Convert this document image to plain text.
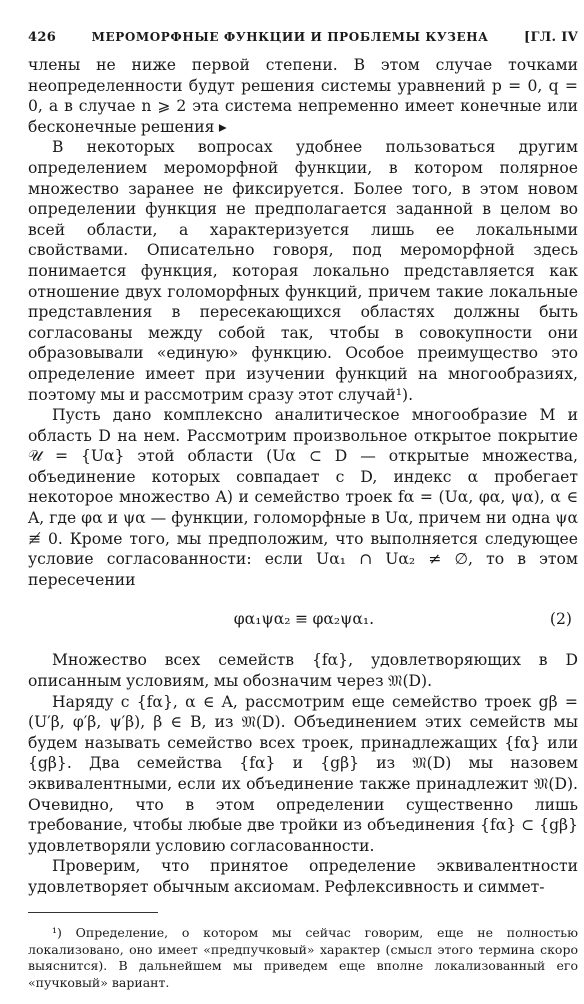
426	МЕРОМОРФНЫЕ ФУНКЦИИ И ПРОБЛЕМЫ КУЗЕНА	[ГЛ. IV

члены не ниже первой степени. В этом случае точками неопределенности будут решения системы уравнений p = 0, q = 0, а в случае n ⩾ 2 эта система непременно имеет конечные или бесконечные решения ▸

В некоторых вопросах удобнее пользоваться другим определением мероморфной функции, в котором полярное множество заранее не фиксируется. Более того, в этом новом определении функция не предполагается заданной в целом во всей области, а характеризуется лишь ее локальными свойствами. Описательно говоря, под мероморфной здесь понимается функция, которая локально представляется как отношение двух голоморфных функций, причем такие локальные представления в пересекающихся областях должны быть согласованы между собой так, чтобы в совокупности они образовывали «единую» функцию. Особое преимущество это определение имеет при изучении функций на многообразиях, поэтому мы и рассмотрим сразу этот случай¹).

Пусть дано комплексно аналитическое многообразие M и область D на нем. Рассмотрим произвольное открытое покрытие 𝒰 = {Uα} этой области (Uα ⊂ D — открытые множества, объединение которых совпадает с D, индекс α пробегает некоторое множество A) и семейство троек fα = (Uα, φα, ψα), α ∈ A, где φα и ψα — функции, голоморфные в Uα, причем ни одна ψα ≢ 0. Кроме того, мы предположим, что выполняется следующее условие согласованности: если Uα₁ ∩ Uα₂ ≠ ∅, то в этом пересечении

φα₁ψα₂ ≡ φα₂ψα₁.	(2)

Множество всех семейств {fα}, удовлетворяющих в D описанным условиям, мы обозначим через 𝔐(D).

Наряду с {fα}, α ∈ A, рассмотрим еще семейство троек gβ = (U′β, φ′β, ψ′β), β ∈ B, из 𝔐(D). Объединением этих семейств мы будем называть семейство всех троек, принадлежащих {fα} или {gβ}. Два семейства {fα} и {gβ} из 𝔐(D) мы назовем эквивалентными, если их объединение также принадлежит 𝔐(D). Очевидно, что в этом определении существенно лишь требование, чтобы любые две тройки из объединения {fα} ⊂ {gβ} удовлетворяли условию согласованности.

Проверим, что принятое определение эквивалентности удовлетворяет обычным аксиомам. Рефлексивность и симмет-

¹) Определение, о котором мы сейчас говорим, еще не полностью локализовано, оно имеет «предпучковый» характер (смысл этого термина скоро выяснится). В дальнейшем мы приведем еще вполне локализованный его «пучковый» вариант.
